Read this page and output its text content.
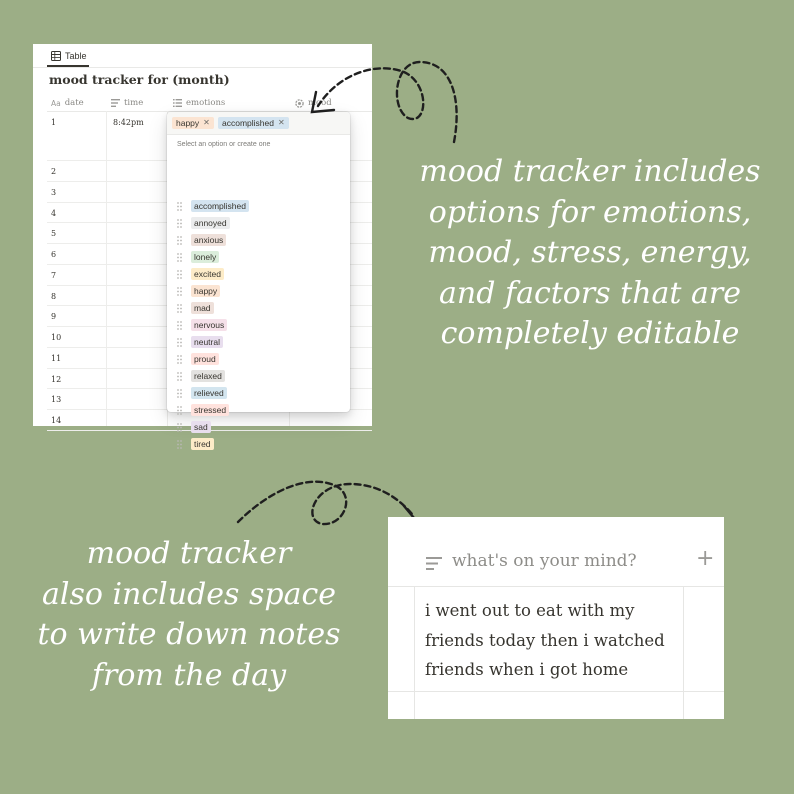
Table
mood tracker for (month)
Aa date	time	emotions	mood
1	8:42pm
2
3
4
5
6
7
8
9
10
11
12
13
14
happy ✕ accomplished ✕
Select an option or create one
accomplished
annoyed
anxious
lonely
excited
happy
mad
nervous
neutral
proud
relaxed
relieved
stressed
sad
tired
mood tracker includes
options for emotions,
mood, stress, energy,
and factors that are
completely editable
mood tracker
also includes space
to write down notes
from the day
what's on your mind?	+
i went out to eat with my
friends today then i watched
friends when i got home
